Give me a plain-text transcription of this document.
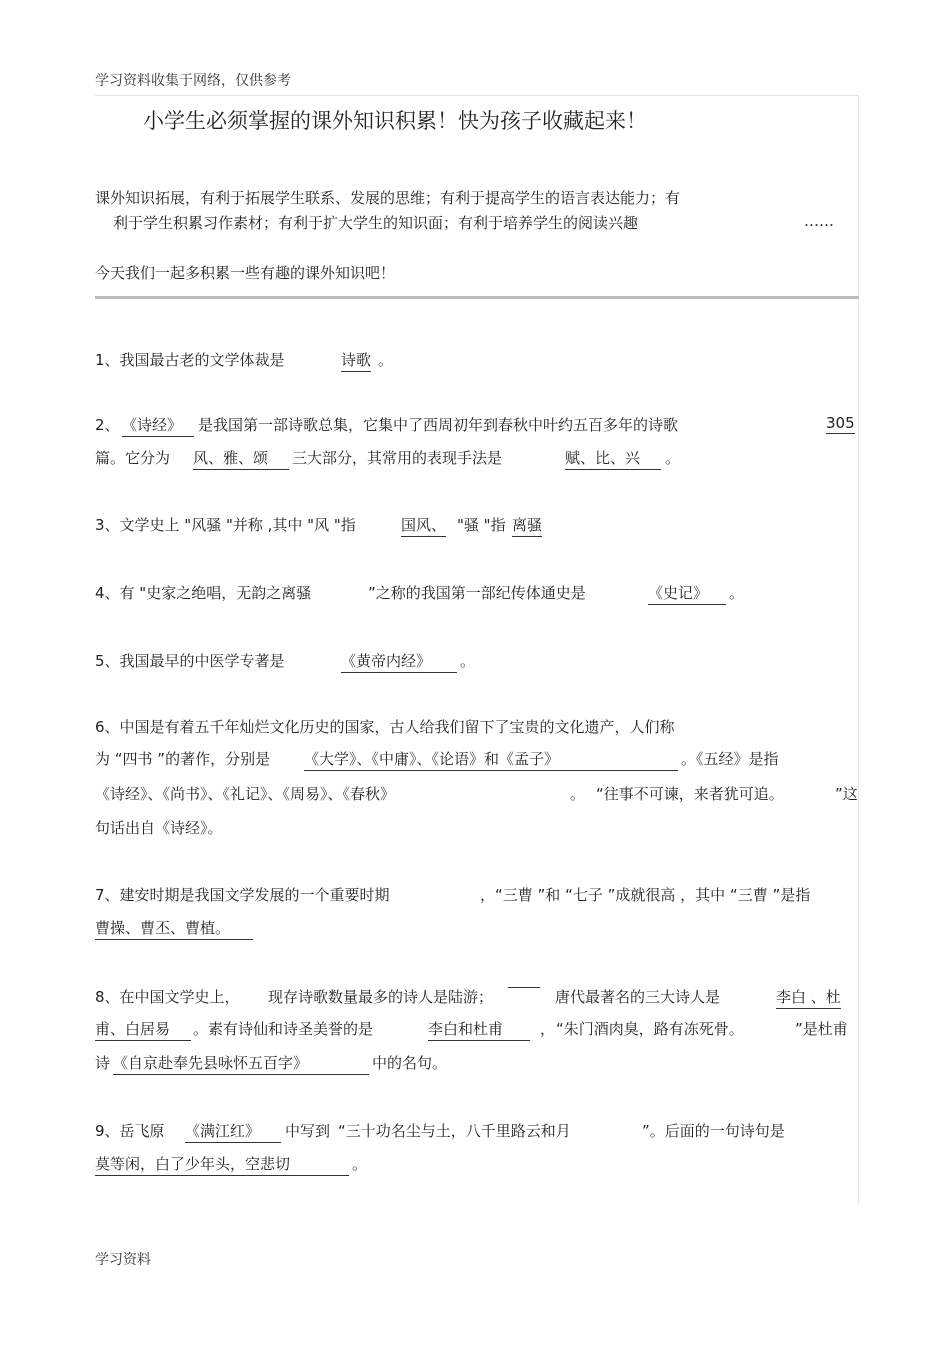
学习资料收集于网络，仅供参考
小学生必须掌握的课外知识积累！快为孩子收藏起来！
课外知识拓展，有利于拓展学生联系、发展的思维；有利于提高学生的语言表达能力；有
利于学生积累习作素材；有利于扩大学生的知识面；有利于培养学生的阅读兴趣	……
今天我们一起多积累一些有趣的课外知识吧！
1、我国最古老的文学体裁是	诗歌 。
2、 《诗经》	是我国第一部诗歌总集，它集中了西周初年到春秋中叶约五百多年的诗歌	305
篇。它分为 风、雅、颂	三大部分，其常用的表现手法是	赋、比、兴	。
3、文学史上 "风骚 "并称 ,其中 "风 "指	国风、 "骚 "指 离骚
4、有 "史家之绝唱，无韵之离骚	”之称的我国第一部纪传体通史是	《史记》	。
5、我国最早的中医学专著是	《黄帝内经》	。
6、中国是有着五千年灿烂文化历史的国家，古人给我们留下了宝贵的文化遗产，人们称
为 “四书 ”的著作，分别是 《大学》、《中庸》、《论语》和《孟子》	。《五经》是指
《诗经》、《尚书》、《礼记》、《周易》、《春秋》	。 “往事不可谏，来者犹可追。	”这
句话出自《诗经》。
7、建安时期是我国文学发展的一个重要时期	，“三曹 ”和 “七子 ”成就很高 ，其中 “三曹 ”是指
曹操、曹丕、曹植。
8、在中国文学史上， 现存诗歌数量最多的诗人是陆游；	唐代最著名的三大诗人是	李白 、杜
甫、白居易	。素有诗仙和诗圣美誉的是	李白和杜甫	， “朱门酒肉臭，路有冻死骨。	”是杜甫
诗 《自京赴奉先县咏怀五百字》	中的名句。
9、岳飞原 《满江红》	中写到 “三十功名尘与土，八千里路云和月	”。后面的一句诗句是
莫等闲，白了少年头，空悲切	。
学习资料
